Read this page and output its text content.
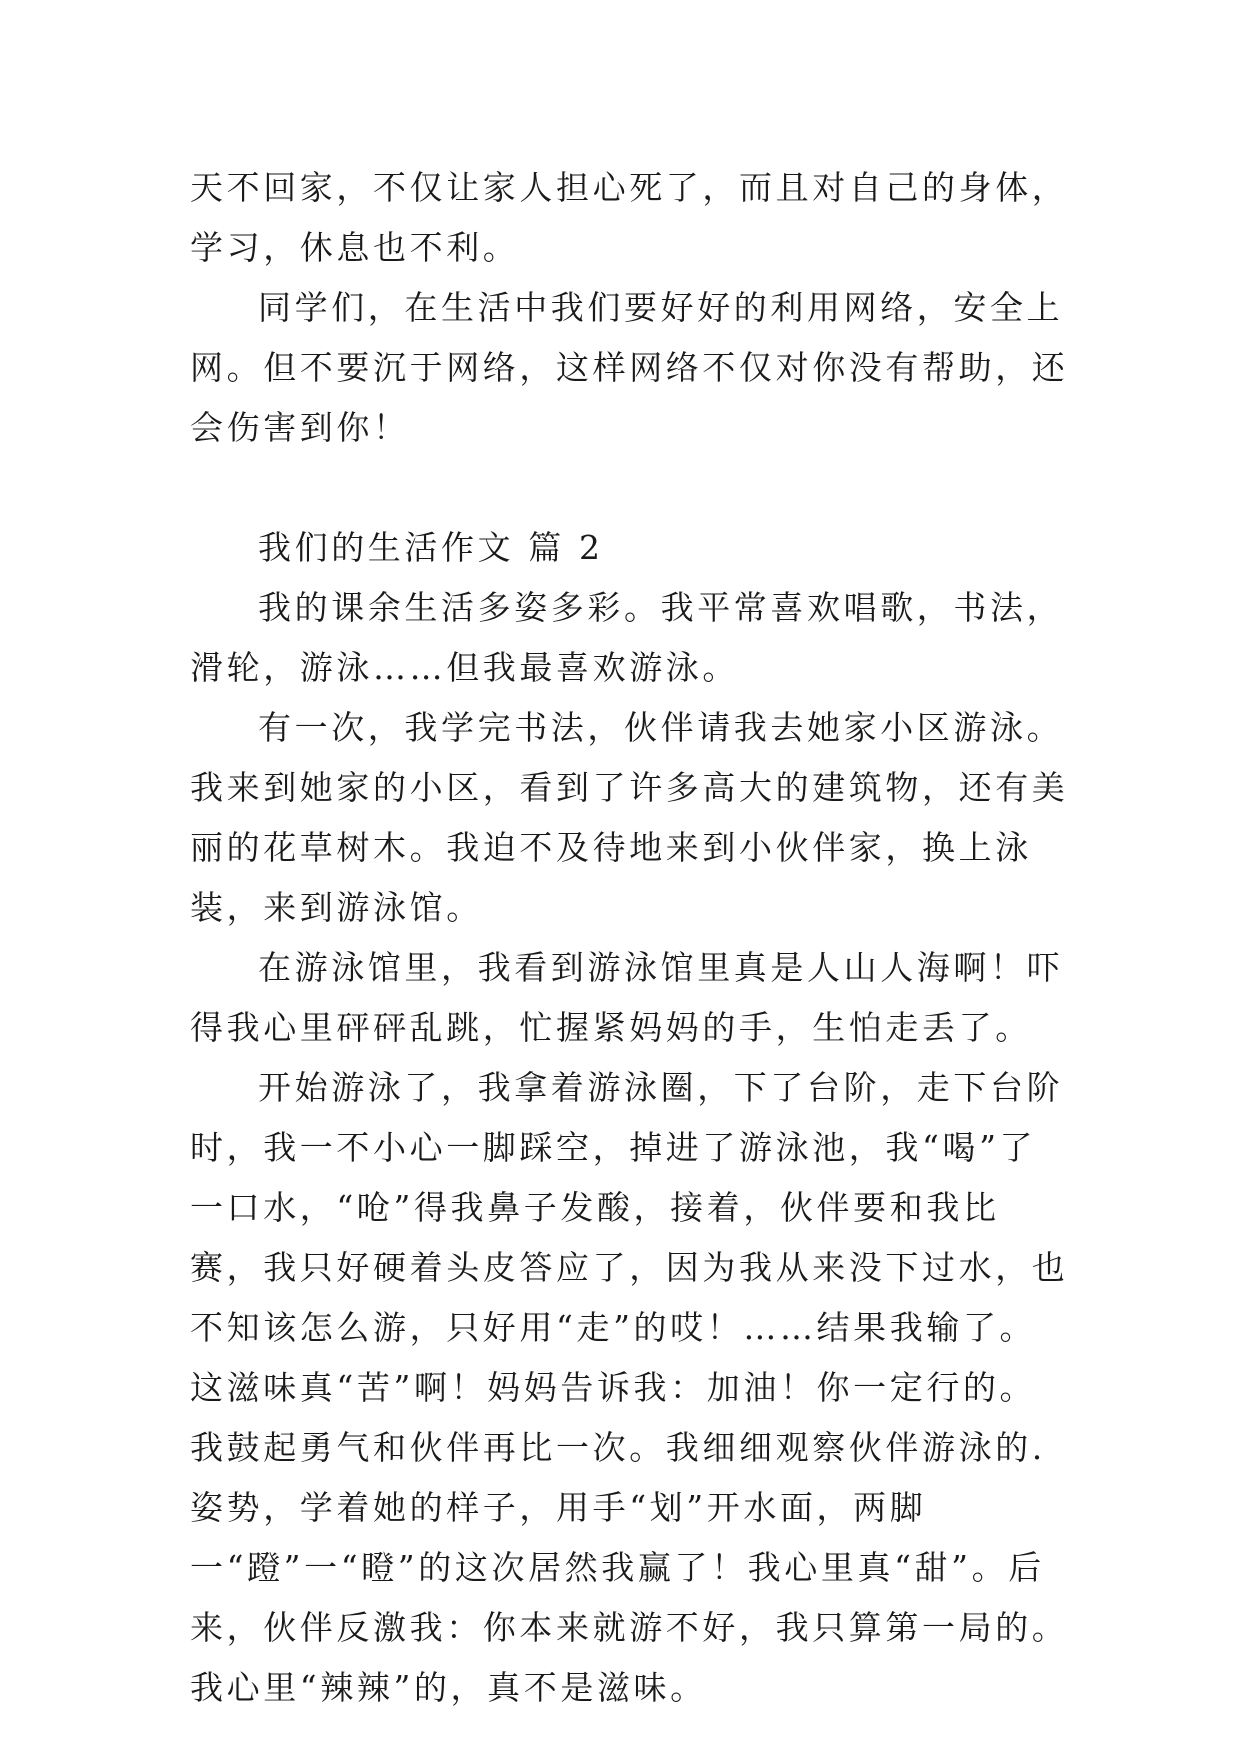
天不回家，不仅让家人担心死了，而且对自己的身体，学习，休息也不利。

同学们，在生活中我们要好好的利用网络，安全上网。但不要沉于网络，这样网络不仅对你没有帮助，还会伤害到你！

我们的生活作文 篇 2

我的课余生活多姿多彩。我平常喜欢唱歌，书法，滑轮，游泳……但我最喜欢游泳。

有一次，我学完书法，伙伴请我去她家小区游泳。我来到她家的小区，看到了许多高大的建筑物，还有美丽的花草树木。我迫不及待地来到小伙伴家，换上泳装，来到游泳馆。

在游泳馆里，我看到游泳馆里真是人山人海啊！吓得我心里砰砰乱跳，忙握紧妈妈的手，生怕走丢了。

开始游泳了，我拿着游泳圈，下了台阶，走下台阶时，我一不小心一脚踩空，掉进了游泳池，我“喝”了一口水，“呛”得我鼻子发酸，接着，伙伴要和我比赛，我只好硬着头皮答应了，因为我从来没下过水，也不知该怎么游，只好用“走”的哎！……结果我输了。这滋味真“苦”啊！妈妈告诉我：加油！你一定行的。我鼓起勇气和伙伴再比一次。我细细观察伙伴游泳的.姿势，学着她的样子，用手“划”开水面，两脚一“蹬”一“瞪”的这次居然我赢了！我心里真“甜”。后来，伙伴反激我：你本来就游不好，我只算第一局的。我心里“辣辣”的，真不是滋味。
